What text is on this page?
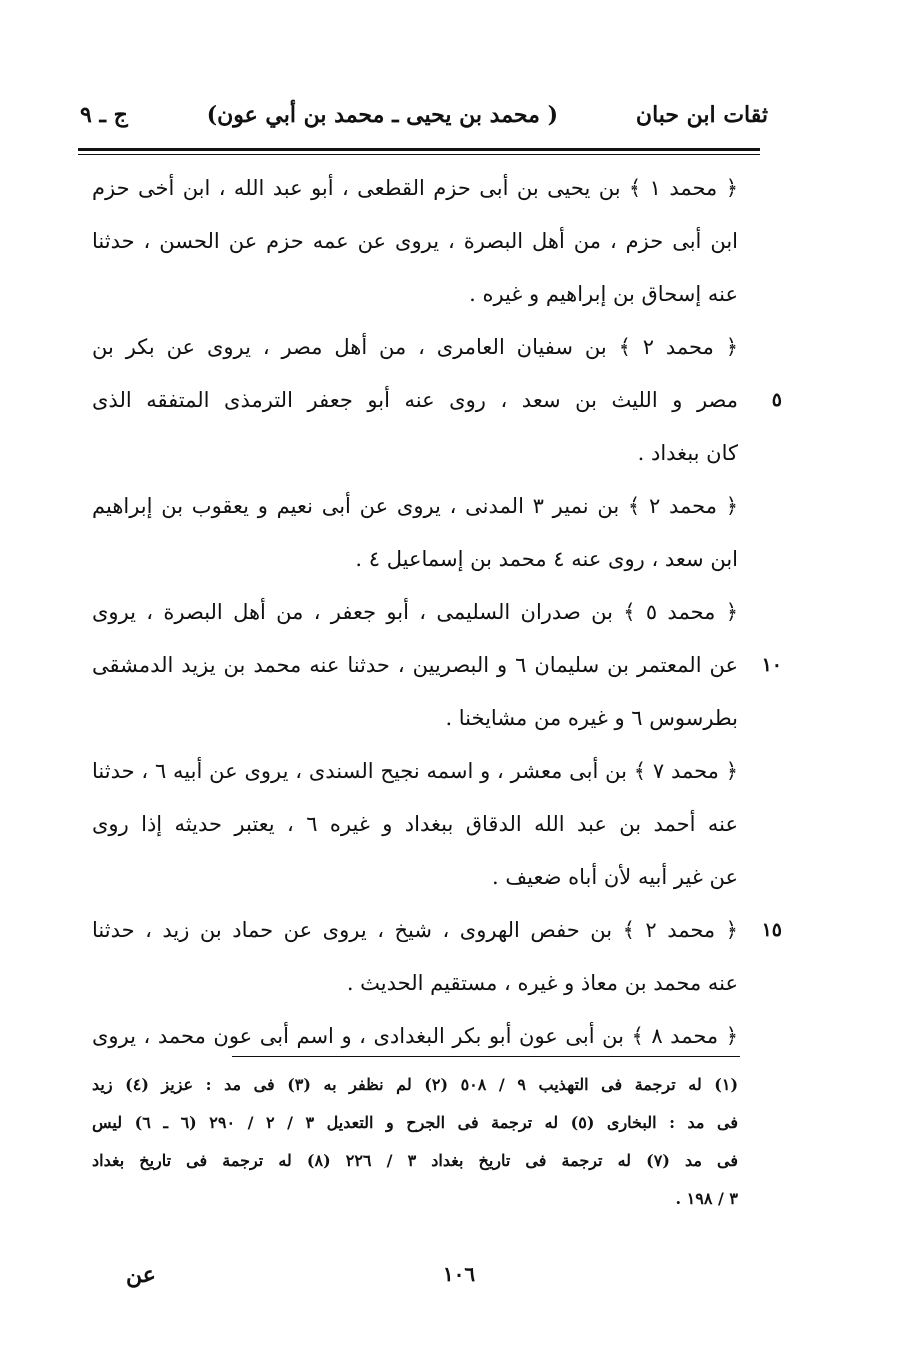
ثقات ابن حبان
( محمد بن يحيى ـ محمد بن أبي عون)
ج ـ ٩
﴿ محمد ١ ﴾ بن يحيى بن أبى حزم القطعى ، أبو عبد الله ، ابن أخى حزم
ابن أبى حزم ، من أهل البصرة ، يروى عن عمه حزم عن الحسن ، حدثنا
عنه إسحاق بن إبراهيم و غيره .
﴿ محمد ٢ ﴾ بن سفيان العامرى ، من أهل مصر ، يروى عن بكر بن
٥
مصر و الليث بن سعد ، روى عنه أبو جعفر الترمذى المتفقه الذى
كان ببغداد .
﴿ محمد ٢ ﴾ بن نمير ٣ المدنى ، يروى عن أبى نعيم و يعقوب بن إبراهيم
ابن سعد ، روى عنه ٤ محمد بن إسماعيل ٤ .
﴿ محمد ٥ ﴾ بن صدران السليمى ، أبو جعفر ، من أهل البصرة ، يروى
١٠
عن المعتمر بن سليمان ٦ و البصريين ، حدثنا عنه محمد بن يزيد الدمشقى
بطرسوس ٦ و غيره من مشايخنا .
﴿ محمد ٧ ﴾ بن أبى معشر ، و اسمه نجيح السندى ، يروى عن أبيه ٦ ، حدثنا
عنه أحمد بن عبد الله الدقاق ببغداد و غيره ٦ ، يعتبر حديثه إذا روى
عن غير أبيه لأن أباه ضعيف .
١٥
﴿ محمد ٢ ﴾ بن حفص الهروى ، شيخ ، يروى عن حماد بن زيد ، حدثنا
عنه محمد بن معاذ و غيره ، مستقيم الحديث .
﴿ محمد ٨ ﴾ بن أبى عون أبو بكر البغدادى ، و اسم أبى عون محمد ، يروى
(١) له ترجمة فى التهذيب ٩ / ٥٠٨ (٢) لم نظفر به (٣) فى مد : عزيز (٤) زيد
فى مد : البخارى (٥) له ترجمة فى الجرح و التعديل ٣ / ٢ / ٢٩٠ (٦ ـ ٦) ليس
فى مد (٧) له ترجمة فى تاريخ بغداد ٣ / ٢٢٦ (٨) له ترجمة فى تاريخ بغداد
٣ / ١٩٨ .
١٠٦
عن
